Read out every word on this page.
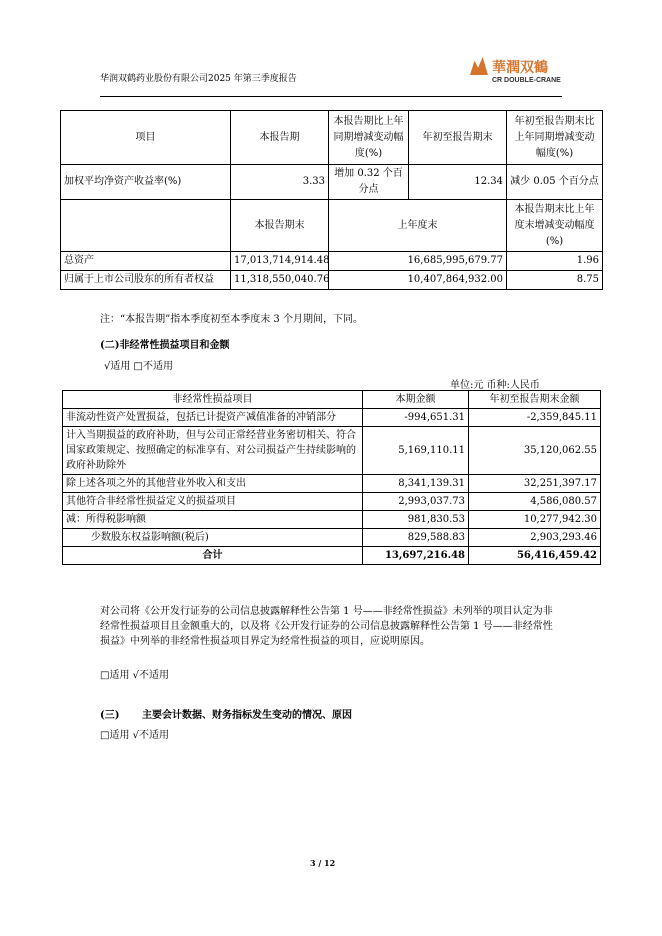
华润双鹤药业股份有限公司2025 年第三季度报告
華潤双鶴
CR DOUBLE-CRANE
项目	本报告期	本报告期比上年同期增减变动幅度(%)	年初至报告期末	年初至报告期末比上年同期增减变动幅度(%)
加权平均净资产收益率(%)	3.33	增加 0.32 个百分点	12.34	减少 0.05 个百分点
	本报告期末	上年度末		本报告期末比上年度末增减变动幅度(%)
总资产	17,013,714,914.48	16,685,995,679.77		1.96
归属于上市公司股东的所有者权益	11,318,550,040.76	10,407,864,932.00		8.75
注：“本报告期”指本季度初至本季度末 3 个月期间，下同。
(二)非经常性损益项目和金额
√适用 □不适用
单位:元 币种:人民币
非经常性损益项目	本期金额	年初至报告期末金额
非流动性资产处置损益，包括已计提资产减值准备的冲销部分	-994,651.31	-2,359,845.11
计入当期损益的政府补助，但与公司正常经营业务密切相关、符合国家政策规定、按照确定的标准享有、对公司损益产生持续影响的政府补助除外	5,169,110.11	35,120,062.55
除上述各项之外的其他营业外收入和支出	8,341,139.31	32,251,397.17
其他符合非经常性损益定义的损益项目	2,993,037.73	4,586,080.57
减：所得税影响额	981,830.53	10,277,942.30
少数股东权益影响额(税后)	829,588.83	2,903,293.46
合计	13,697,216.48	56,416,459.42
对公司将《公开发行证券的公司信息披露解释性公告第 1 号——非经常性损益》未列举的项目认定为非经常性损益项目且金额重大的，以及将《公开发行证券的公司信息披露解释性公告第 1 号——非经常性损益》中列举的非经常性损益项目界定为经常性损益的项目，应说明原因。
□适用 √不适用
(三) 主要会计数据、财务指标发生变动的情况、原因
□适用 √不适用
3 / 12
